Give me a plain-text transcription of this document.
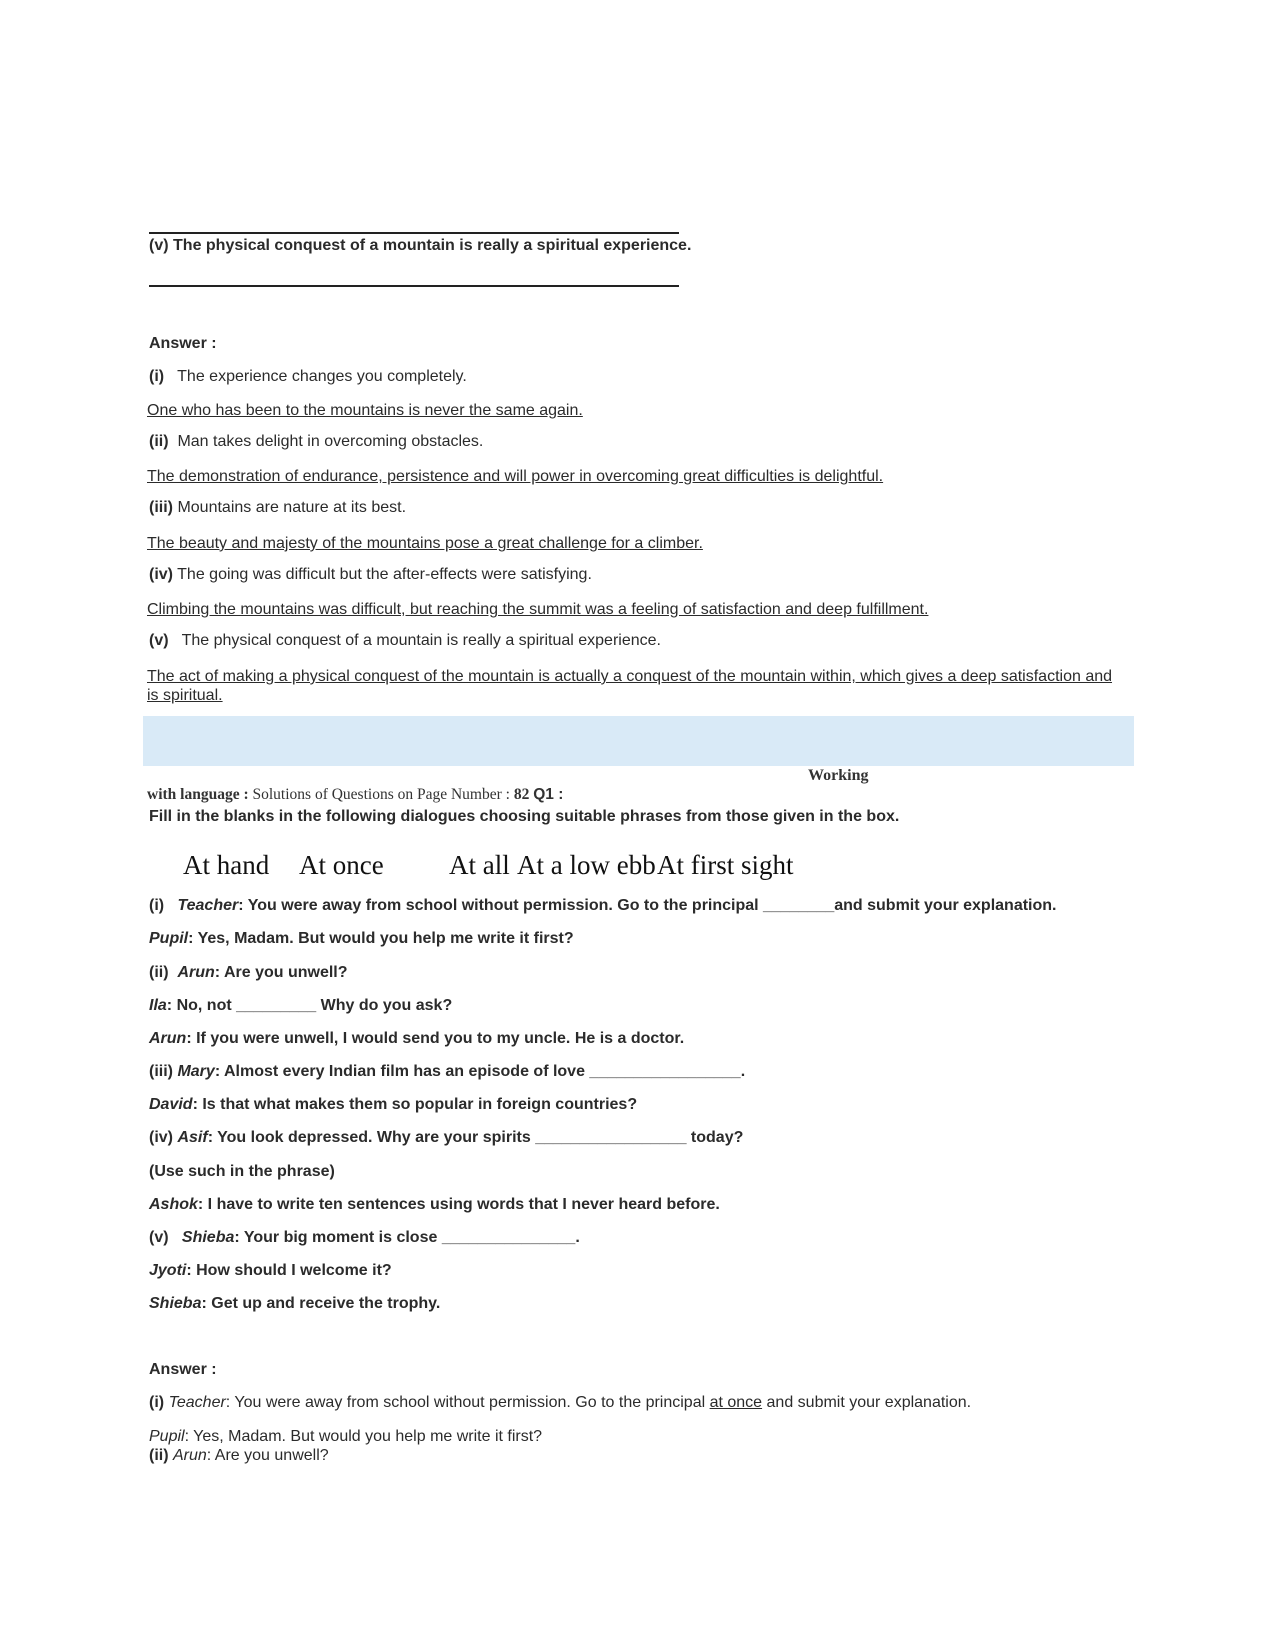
(v) The physical conquest of a mountain is really a spiritual experience.
Answer :
(i) The experience changes you completely.
One who has been to the mountains is never the same again.
(ii) Man takes delight in overcoming obstacles.
The demonstration of endurance, persistence and will power in overcoming great difficulties is delightful.
(iii) Mountains are nature at its best.
The beauty and majesty of the mountains pose a great challenge for a climber.
(iv) The going was difficult but the after-effects were satisfying.
Climbing the mountains was difficult, but reaching the summit was a feeling of satisfaction and deep fulfillment.
(v) The physical conquest of a mountain is really a spiritual experience.
The act of making a physical conquest of the mountain is actually a conquest of the mountain within, which gives a deep satisfaction and is spiritual.
Working
with language : Solutions of Questions on Page Number : 82 Q1 :
Fill in the blanks in the following dialogues choosing suitable phrases from those given in the box.
At hand At once At all At a low ebb At first sight
(i) Teacher: You were away from school without permission. Go to the principal ________and submit your explanation.
Pupil: Yes, Madam. But would you help me write it first?
(ii) Arun: Are you unwell?
Ila: No, not _________ Why do you ask?
Arun: If you were unwell, I would send you to my uncle. He is a doctor.
(iii) Mary: Almost every Indian film has an episode of love _________________.
David: Is that what makes them so popular in foreign countries?
(iv) Asif: You look depressed. Why are your spirits _________________ today?
(Use such in the phrase)
Ashok: I have to write ten sentences using words that I never heard before.
(v) Shieba: Your big moment is close _______________.
Jyoti: How should I welcome it?
Shieba: Get up and receive the trophy.
Answer :
(i) Teacher: You were away from school without permission. Go to the principal at once and submit your explanation.
Pupil: Yes, Madam. But would you help me write it first?
(ii) Arun: Are you unwell?
